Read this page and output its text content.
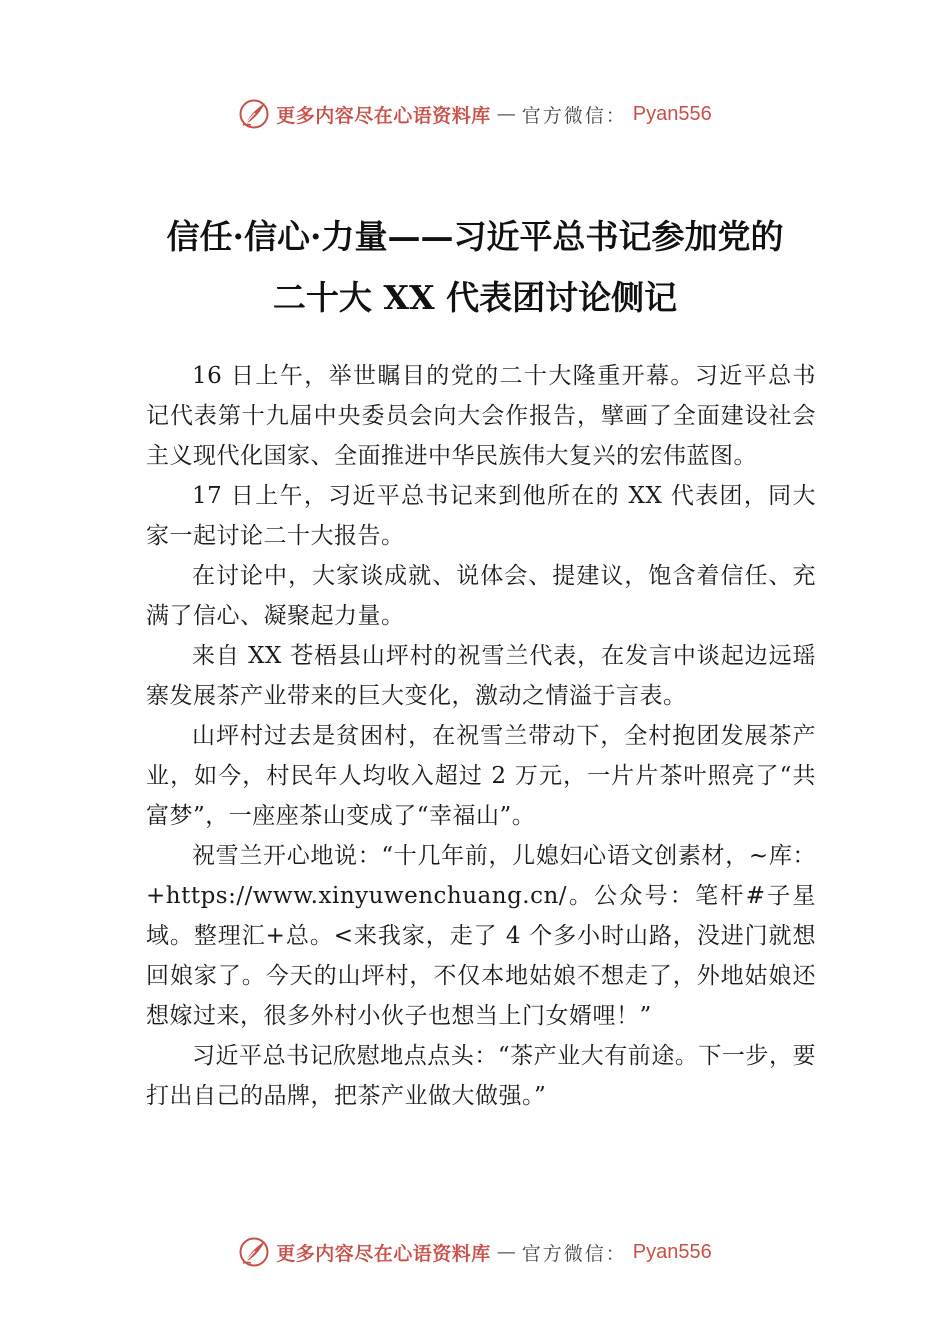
更多内容尽在心语资料库 — 官方微信： Pyan556
信任·信心·力量——习近平总书记参加党的
二十大 XX 代表团讨论侧记

16 日上午，举世瞩目的党的二十大隆重开幕。习近平总书记代表第十九届中央委员会向大会作报告，擘画了全面建设社会主义现代化国家、全面推进中华民族伟大复兴的宏伟蓝图。

17 日上午，习近平总书记来到他所在的 XX 代表团，同大家一起讨论二十大报告。

在讨论中，大家谈成就、说体会、提建议，饱含着信任、充满了信心、凝聚起力量。

来自 XX 苍梧县山坪村的祝雪兰代表，在发言中谈起边远瑶寨发展茶产业带来的巨大变化，激动之情溢于言表。

山坪村过去是贫困村，在祝雪兰带动下，全村抱团发展茶产业，如今，村民年人均收入超过 2 万元，一片片茶叶照亮了“共富梦”，一座座茶山变成了“幸福山”。

祝雪兰开心地说：“十几年前，儿媳妇心语文创素材，~库：+https://www.xinyuwenchuang.cn/。公众号：笔杆#子星域。整理汇+总。<来我家，走了 4 个多小时山路，没进门就想回娘家了。今天的山坪村，不仅本地姑娘不想走了，外地姑娘还想嫁过来，很多外村小伙子也想当上门女婿哩！”

习近平总书记欣慰地点点头：“茶产业大有前途。下一步，要打出自己的品牌，把茶产业做大做强。”

更多内容尽在心语资料库 — 官方微信： Pyan556
